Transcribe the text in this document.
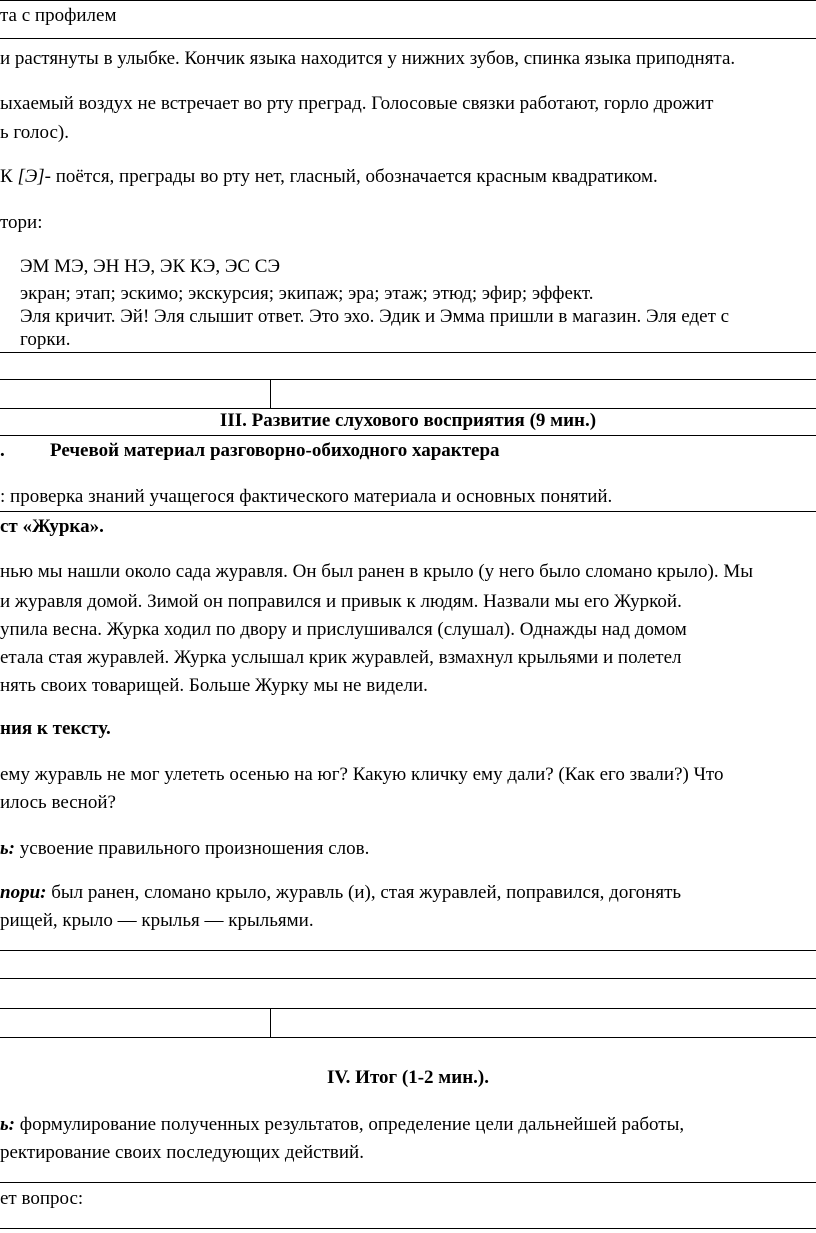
та с профилем
и растянуты в улыбке. Кончик языка находится у нижних зубов, спинка языка приподнята.
ыхаемый воздух не встречает во рту преград. Голосовые связки работают, горло дрожит
ь голос).
К [Э]- поётся, преграды во рту нет, гласный, обозначается красным квадратиком.
тори:
ЭМ МЭ, ЭН НЭ, ЭК КЭ, ЭС СЭ
экран; этап; эскимо; экскурсия; экипаж; эра; этаж; этюд; эфир; эффект.
Эля кричит. Эй! Эля слышит ответ. Это эхо. Эдик и Эмма пришли в магазин. Эля едет с
горки.
III. Развитие слухового восприятия (9 мин.)
. Речевой материал разговорно-обиходного характера
: проверка знаний учащегося фактического материала и основных понятий.
ст «Журка».
нью мы нашли около сада журавля. Он был ранен в крыло (у него было сломано крыло). Мы
и журавля домой. Зимой он поправился и привык к людям. Назвали мы его Журкой.
упила весна. Журка ходил по двору и прислушивался (слушал). Однажды над домом
етала стая журавлей. Журка услышал крик журавлей, взмахнул крыльями и полетел
нять своих товарищей. Больше Журку мы не видели.
ния к тексту.
ему журавль не мог улететь осенью на юг? Какую кличку ему дали? (Как его звали?) Что
илось весной?
ь: усвоение правильного произношения слов.
пори: был ранен, сломано крыло, журавль (и), стая журавлей, поправился, догонять
рищей, крыло — крылья — крыльями.
IV. Итог (1-2 мин.).
ь: формулирование полученных результатов, определение цели дальнейшей работы,
ректирование своих последующих действий.
ет вопрос:
